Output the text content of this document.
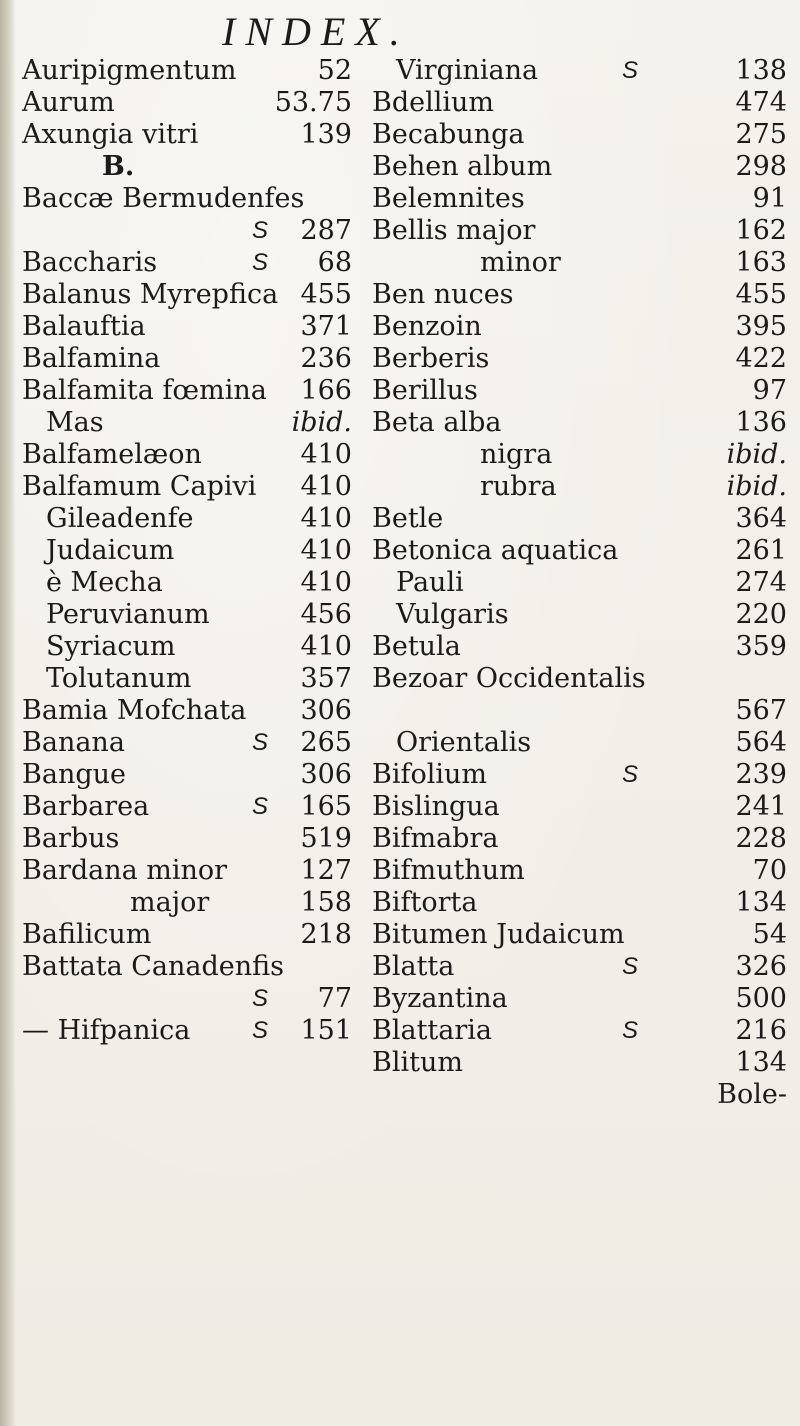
INDEX.
Auripigmentum	52
Aurum	53.75
Axungia vitri	139
B.
Baccæ Bermudenfes
S 287
Baccharis	S 68
Balanus Myrepfica 455
Balauftia	371
Balfamina	236
Balfamita fœmina 166
Mas	ibid.
Balfamelæon	410
Balfamum Capivi 410
Gileadenfe	410
Judaicum	410
è Mecha	410
Peruvianum	456
Syriacum	410
Tolutanum	357
Bamia Mofchata 306
Banana	S 265
Bangue	306
Barbarea	S 165
Barbus	519
Bardana minor	127
major	158
Bafilicum	218
Battata Canadenfis
S 77
— Hifpanica	S 151
Virginiana	S	138
Bdellium	474
Becabunga	275
Behen album	298
Belemnites	91
Bellis major	162
minor	163
Ben nuces	455
Benzoin	395
Berberis	422
Berillus	97
Beta alba	136
nigra	ibid.
rubra	ibid.
Betle	364
Betonica aquatica	261
Pauli	274
Vulgaris	220
Betula	359
Bezoar Occidentalis
567
Orientalis	564
Bifolium	S	239
Bislingua	241
Bifmabra	228
Bifmuthum	70
Biftorta	134
Bitumen Judaicum	54
Blatta	S	326
Byzantina	500
Blattaria	S	216
Blitum	134
Bole-
